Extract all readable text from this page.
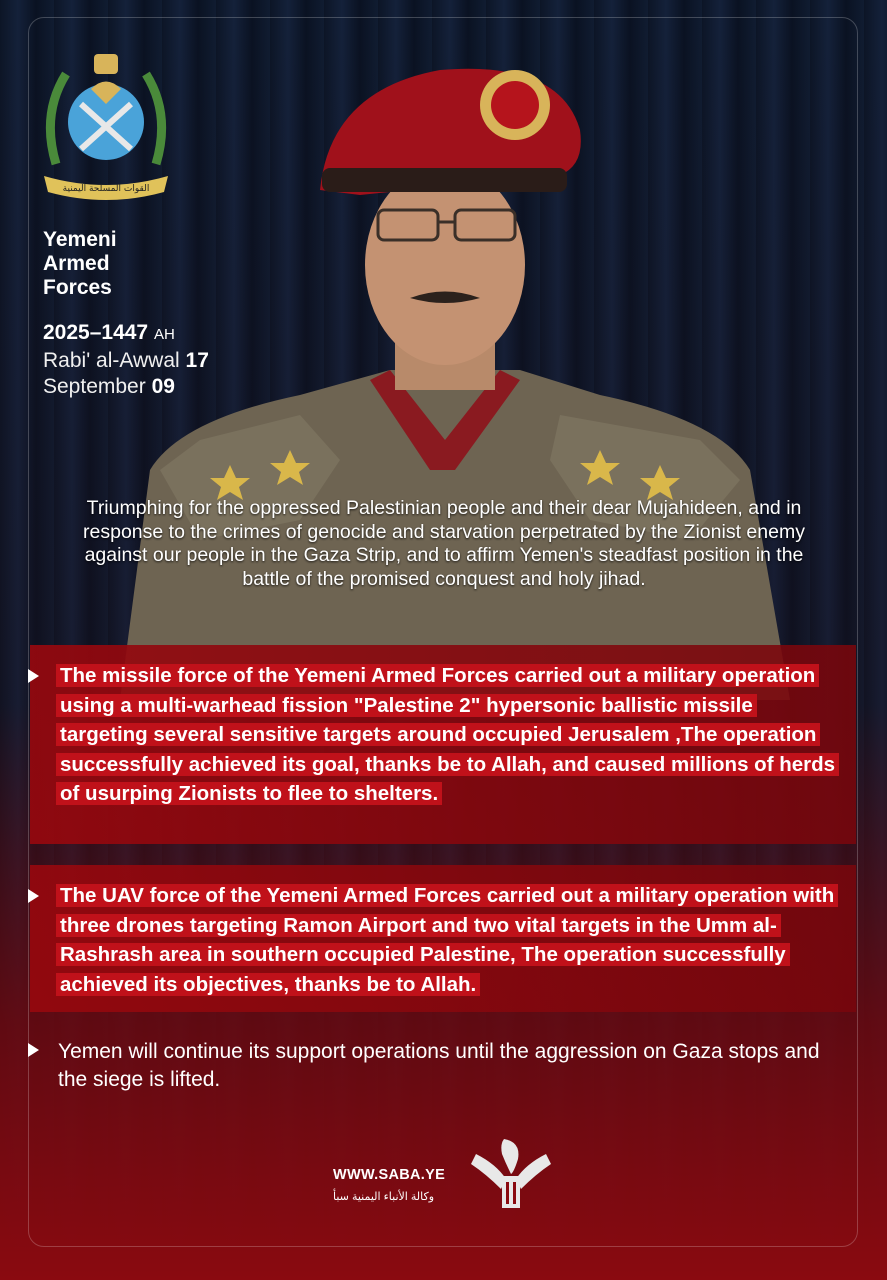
القوات المسلحة اليمنية
Yemeni
Armed
Forces
2025–1447 AH
Rabi' al-Awwal 17
September 09
Triumphing for the oppressed Palestinian people and their dear Mujahideen, and in response to the crimes of genocide and starvation perpetrated by the Zionist enemy against our people in the Gaza Strip, and to affirm Yemen's steadfast position in the battle of the promised conquest and holy jihad.
The missile force of the Yemeni Armed Forces carried out a military operation using a multi-warhead fission "Palestine 2" hypersonic ballistic missile targeting several sensitive targets around occupied Jerusalem ,The operation successfully achieved its goal, thanks be to Allah, and caused millions of herds of usurping Zionists to flee to shelters.
The UAV force of the Yemeni Armed Forces carried out a military operation with three drones targeting Ramon Airport and two vital targets in the Umm al-Rashrash area in southern occupied Palestine, The operation successfully achieved its objectives, thanks be to Allah.
Yemen will continue its support operations until the aggression on Gaza stops and the siege is lifted.
WWW.SABA.YE
وكالة الأنباء اليمنية سبأ
